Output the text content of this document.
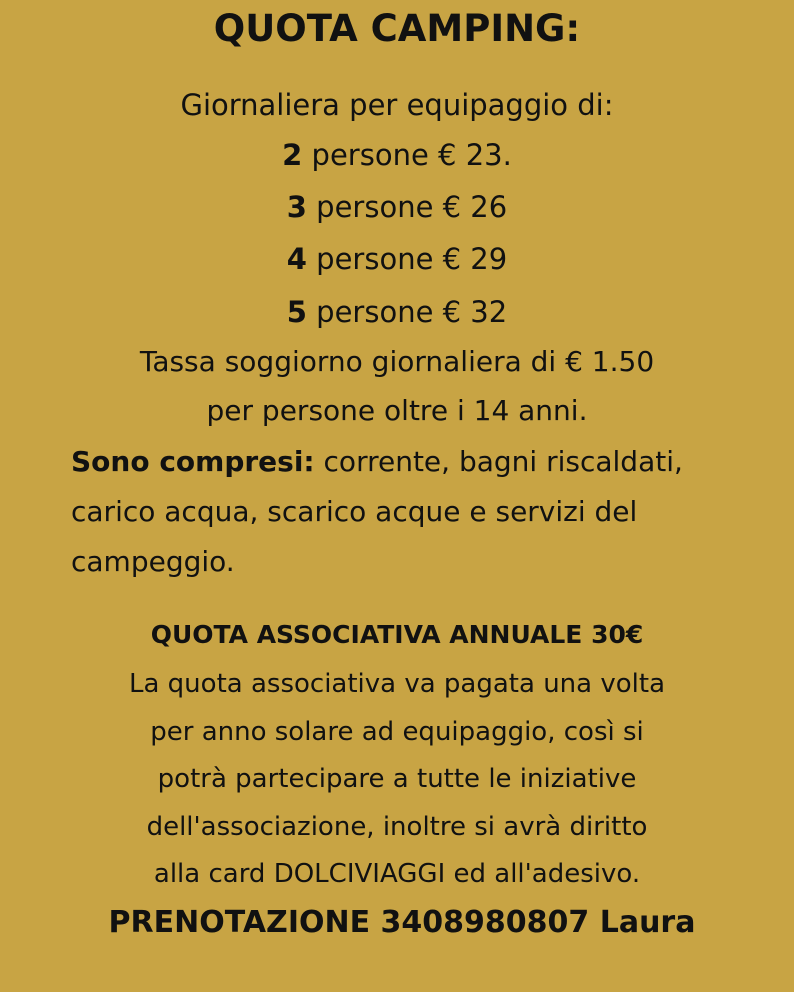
QUOTA CAMPING:
Giornaliera per equipaggio di:
2 persone € 23.
3 persone € 26
4 persone € 29
5 persone € 32
Tassa soggiorno giornaliera di € 1.50
per persone oltre i 14 anni.
Sono compresi: corrente, bagni riscaldati, carico acqua, scarico acque e servizi del campeggio.
QUOTA ASSOCIATIVA ANNUALE 30€
La quota associativa va pagata una volta
per anno solare ad equipaggio, così si
potrà partecipare a tutte le iniziative
dell'associazione, inoltre si avrà diritto
alla card DOLCIVIAGGI ed all'adesivo.
PRENOTAZIONE 3408980807 Laura
